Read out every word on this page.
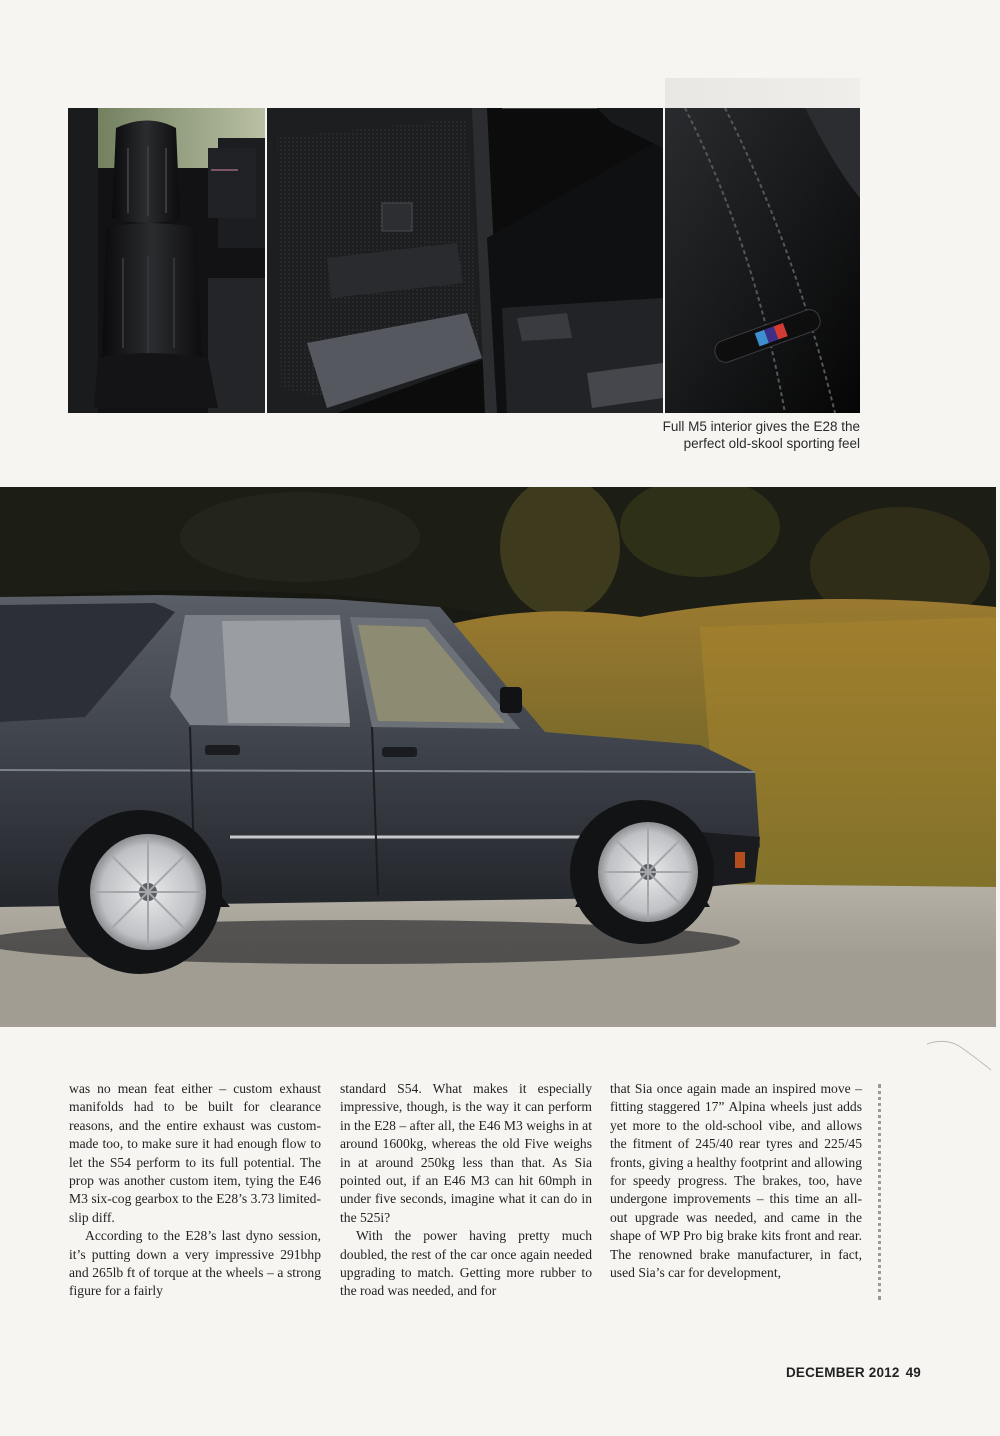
Full M5 interior gives the E28 the
perfect old-skool sporting feel

was no mean feat either – custom exhaust manifolds had to be built for clearance reasons, and the entire exhaust was custom-made too, to make sure it had enough flow to let the S54 perform to its full potential. The prop was another custom item, tying the E46 M3 six-cog gearbox to the E28’s 3.73 limited-slip diff.

According to the E28’s last dyno session, it’s putting down a very impressive 291bhp and 265lb ft of torque at the wheels – a strong figure for a fairly

standard S54. What makes it especially impressive, though, is the way it can perform in the E28 – after all, the E46 M3 weighs in at around 1600kg, whereas the old Five weighs in at around 250kg less than that. As Sia pointed out, if an E46 M3 can hit 60mph in under five seconds, imagine what it can do in the 525i?

With the power having pretty much doubled, the rest of the car once again needed upgrading to match. Getting more rubber to the road was needed, and for

that Sia once again made an inspired move – fitting staggered 17” Alpina wheels just adds yet more to the old-school vibe, and allows the fitment of 245/40 rear tyres and 225/45 fronts, giving a healthy footprint and allowing for speedy progress. The brakes, too, have undergone improvements – this time an all-out upgrade was needed, and came in the shape of WP Pro big brake kits front and rear. The renowned brake manufacturer, in fact, used Sia’s car for development,

DECEMBER 2012 49
